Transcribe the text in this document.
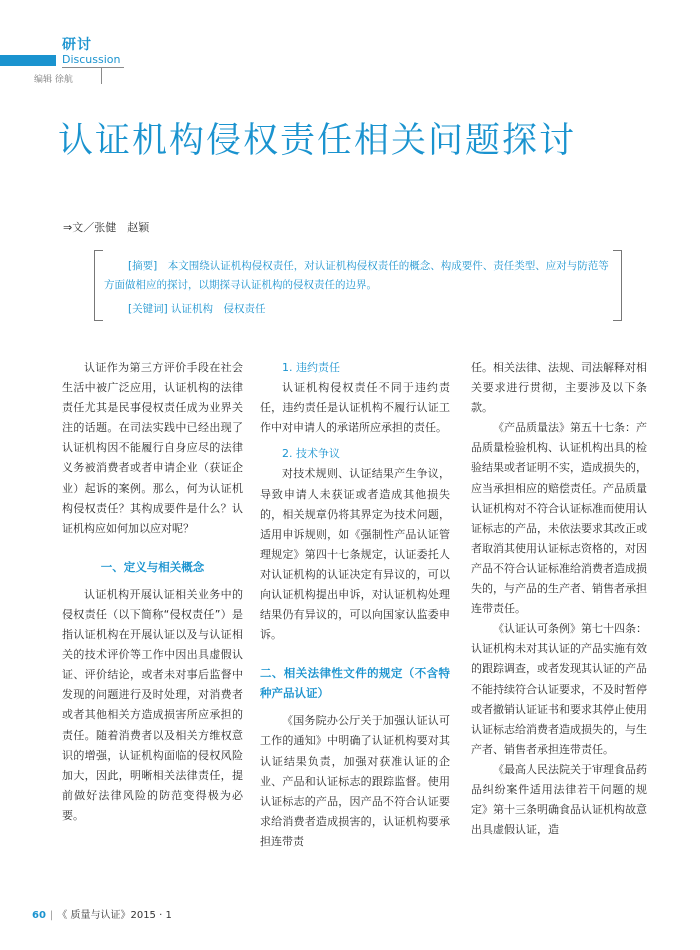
研讨
Discussion
编辑 徐航
认证机构侵权责任相关问题探讨
⇒文／张健　赵颖
[摘要]　 本文围绕认证机构侵权责任，对认证机构侵权责任的概念、构成要件、责任类型、应对与防范等方面做相应的探讨，以期探寻认证机构的侵权责任的边界。
[关键词] 认证机构　侵权责任

认证作为第三方评价手段在社会生活中被广泛应用，认证机构的法律责任尤其是民事侵权责任成为业界关注的话题。在司法实践中已经出现了认证机构因不能履行自身应尽的法律义务被消费者或者申请企业（获证企业）起诉的案例。那么，何为认证机构侵权责任？其构成要件是什么？认证机构应如何加以应对呢？

一、定义与相关概念

认证机构开展认证相关业务中的侵权责任（以下简称“侵权责任”）是指认证机构在开展认证以及与认证相关的技术评价等工作中因出具虚假认证、评价结论，或者未对事后监督中发现的问题进行及时处理，对消费者或者其他相关方造成损害所应承担的责任。随着消费者以及相关方维权意识的增强，认证机构面临的侵权风险加大，因此，明晰相关法律责任，提前做好法律风险的防范变得极为必要。

1. 违约责任

认证机构侵权责任不同于违约责任，违约责任是认证机构不履行认证工作中对申请人的承诺所应承担的责任。

2. 技术争议

对技术规则、认证结果产生争议，导致申请人未获证或者造成其他损失的，相关规章仍将其界定为技术问题，适用申诉规则，如《强制性产品认证管理规定》第四十七条规定，认证委托人对认证机构的认证决定有异议的，可以向认证机构提出申诉，对认证机构处理结果仍有异议的，可以向国家认监委申诉。

二、相关法律性文件的规定（不含特种产品认证）

《国务院办公厅关于加强认证认可工作的通知》中明确了认证机构要对其认证结果负责，加强对获准认证的企业、产品和认证标志的跟踪监督。使用认证标志的产品，因产品不符合认证要求给消费者造成损害的，认证机构要承担连带责

任。相关法律、法规、司法解释对相关要求进行贯彻，主要涉及以下条款。

《产品质量法》第五十七条：产品质量检验机构、认证机构出具的检验结果或者证明不实，造成损失的，应当承担相应的赔偿责任。产品质量认证机构对不符合认证标准而使用认证标志的产品，未依法要求其改正或者取消其使用认证标志资格的，对因产品不符合认证标准给消费者造成损失的，与产品的生产者、销售者承担连带责任。

《认证认可条例》第七十四条：认证机构未对其认证的产品实施有效的跟踪调查，或者发现其认证的产品不能持续符合认证要求，不及时暂停或者撤销认证证书和要求其停止使用认证标志给消费者造成损失的，与生产者、销售者承担连带责任。

《最高人民法院关于审理食品药品纠纷案件适用法律若干问题的规定》第十三条明确食品认证机构故意出具虚假认证，造

60 | 《 质量与认证》2015 · 1
